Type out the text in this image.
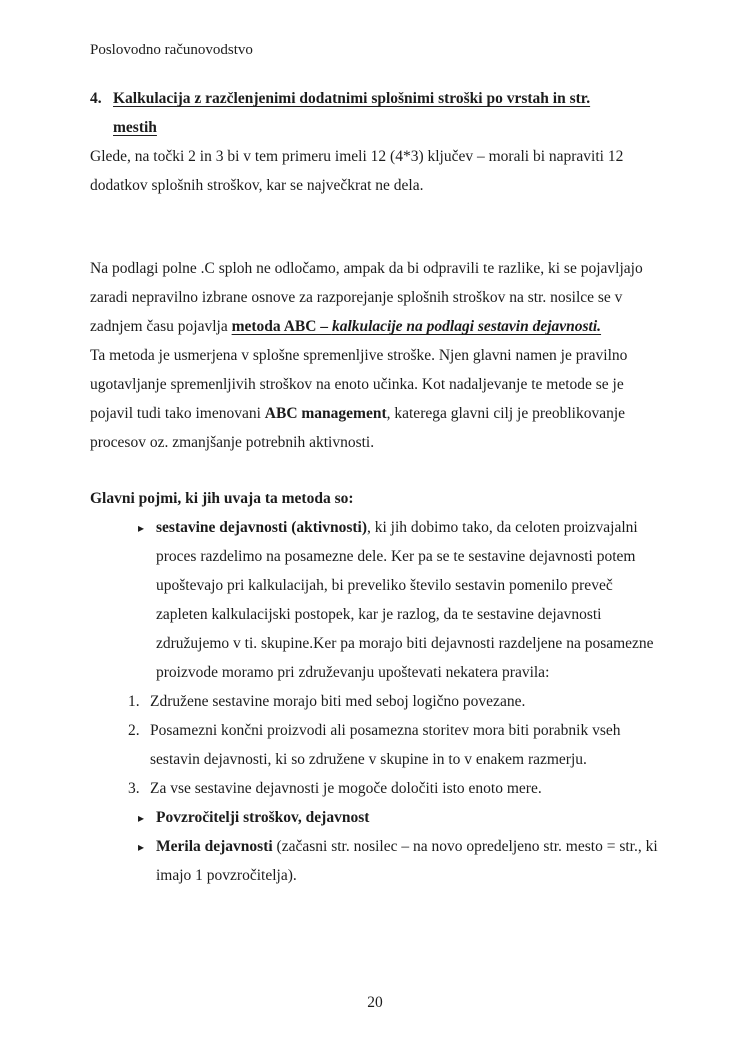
Poslovodno računovodstvo
4. Kalkulacija z razčlenjenimi dodatnimi splošnimi stroški po vrstah in str.
mestih

Glede, na točki 2 in 3 bi v tem primeru imeli 12 (4*3) ključev – morali bi napraviti 12 dodatkov splošnih stroškov, kar se največkrat ne dela.

Na podlagi polne .C sploh ne odločamo, ampak da bi odpravili te razlike, ki se pojavljajo zaradi nepravilno izbrane osnove za razporejanje splošnih stroškov na str. nosilce se v zadnjem času pojavlja metoda ABC – kalkulacije na podlagi sestavin dejavnosti.

Ta metoda je usmerjena v splošne spremenljive stroške. Njen glavni namen je pravilno ugotavljanje spremenljivih stroškov na enoto učinka. Kot nadaljevanje te metode se je pojavil tudi tako imenovani ABC management, katerega glavni cilj je preoblikovanje procesov oz. zmanjšanje potrebnih aktivnosti.

Glavni pojmi, ki jih uvaja ta metoda so:

▸ sestavine dejavnosti (aktivnosti), ki jih dobimo tako, da celoten proizvajalni proces razdelimo na posamezne dele. Ker pa se te sestavine dejavnosti potem upoštevajo pri kalkulacijah, bi preveliko število sestavin pomenilo preveč zapleten kalkulacijski postopek, kar je razlog, da te sestavine dejavnosti združujemo v ti. skupine.Ker pa morajo biti dejavnosti razdeljene na posamezne proizvode moramo pri združevanju upoštevati nekatera pravila:
1. Združene sestavine morajo biti med seboj logično povezane.
2. Posamezni končni proizvodi ali posamezna storitev mora biti porabnik vseh sestavin dejavnosti, ki so združene v skupine in to v enakem razmerju.
3. Za vse sestavine dejavnosti je mogoče določiti isto enoto mere.
▸ Povzročitelji stroškov, dejavnost
▸ Merila dejavnosti (začasni str. nosilec – na novo opredeljeno str. mesto = str., ki imajo 1 povzročitelja).
20
